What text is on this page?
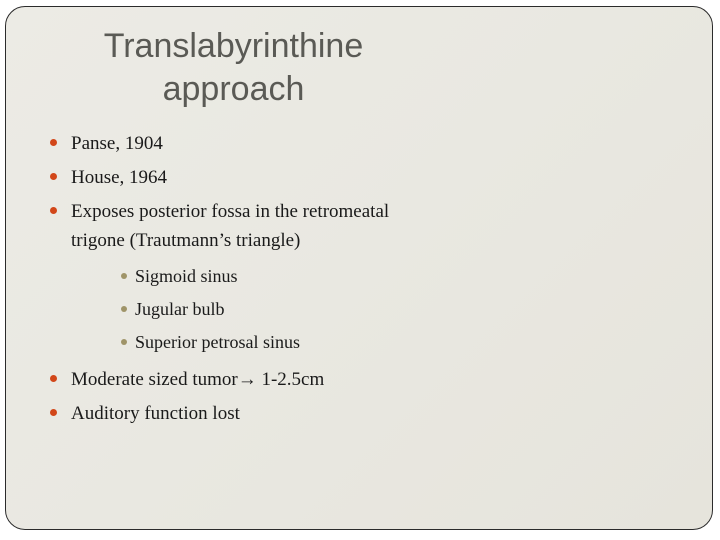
Translabyrinthine
approach
Panse, 1904
House, 1964
Exposes posterior fossa in the retromeatal trigone (Trautmann’s triangle)
Sigmoid sinus
Jugular bulb
Superior petrosal sinus
Moderate sized tumor→ 1-2.5cm
Auditory function lost
